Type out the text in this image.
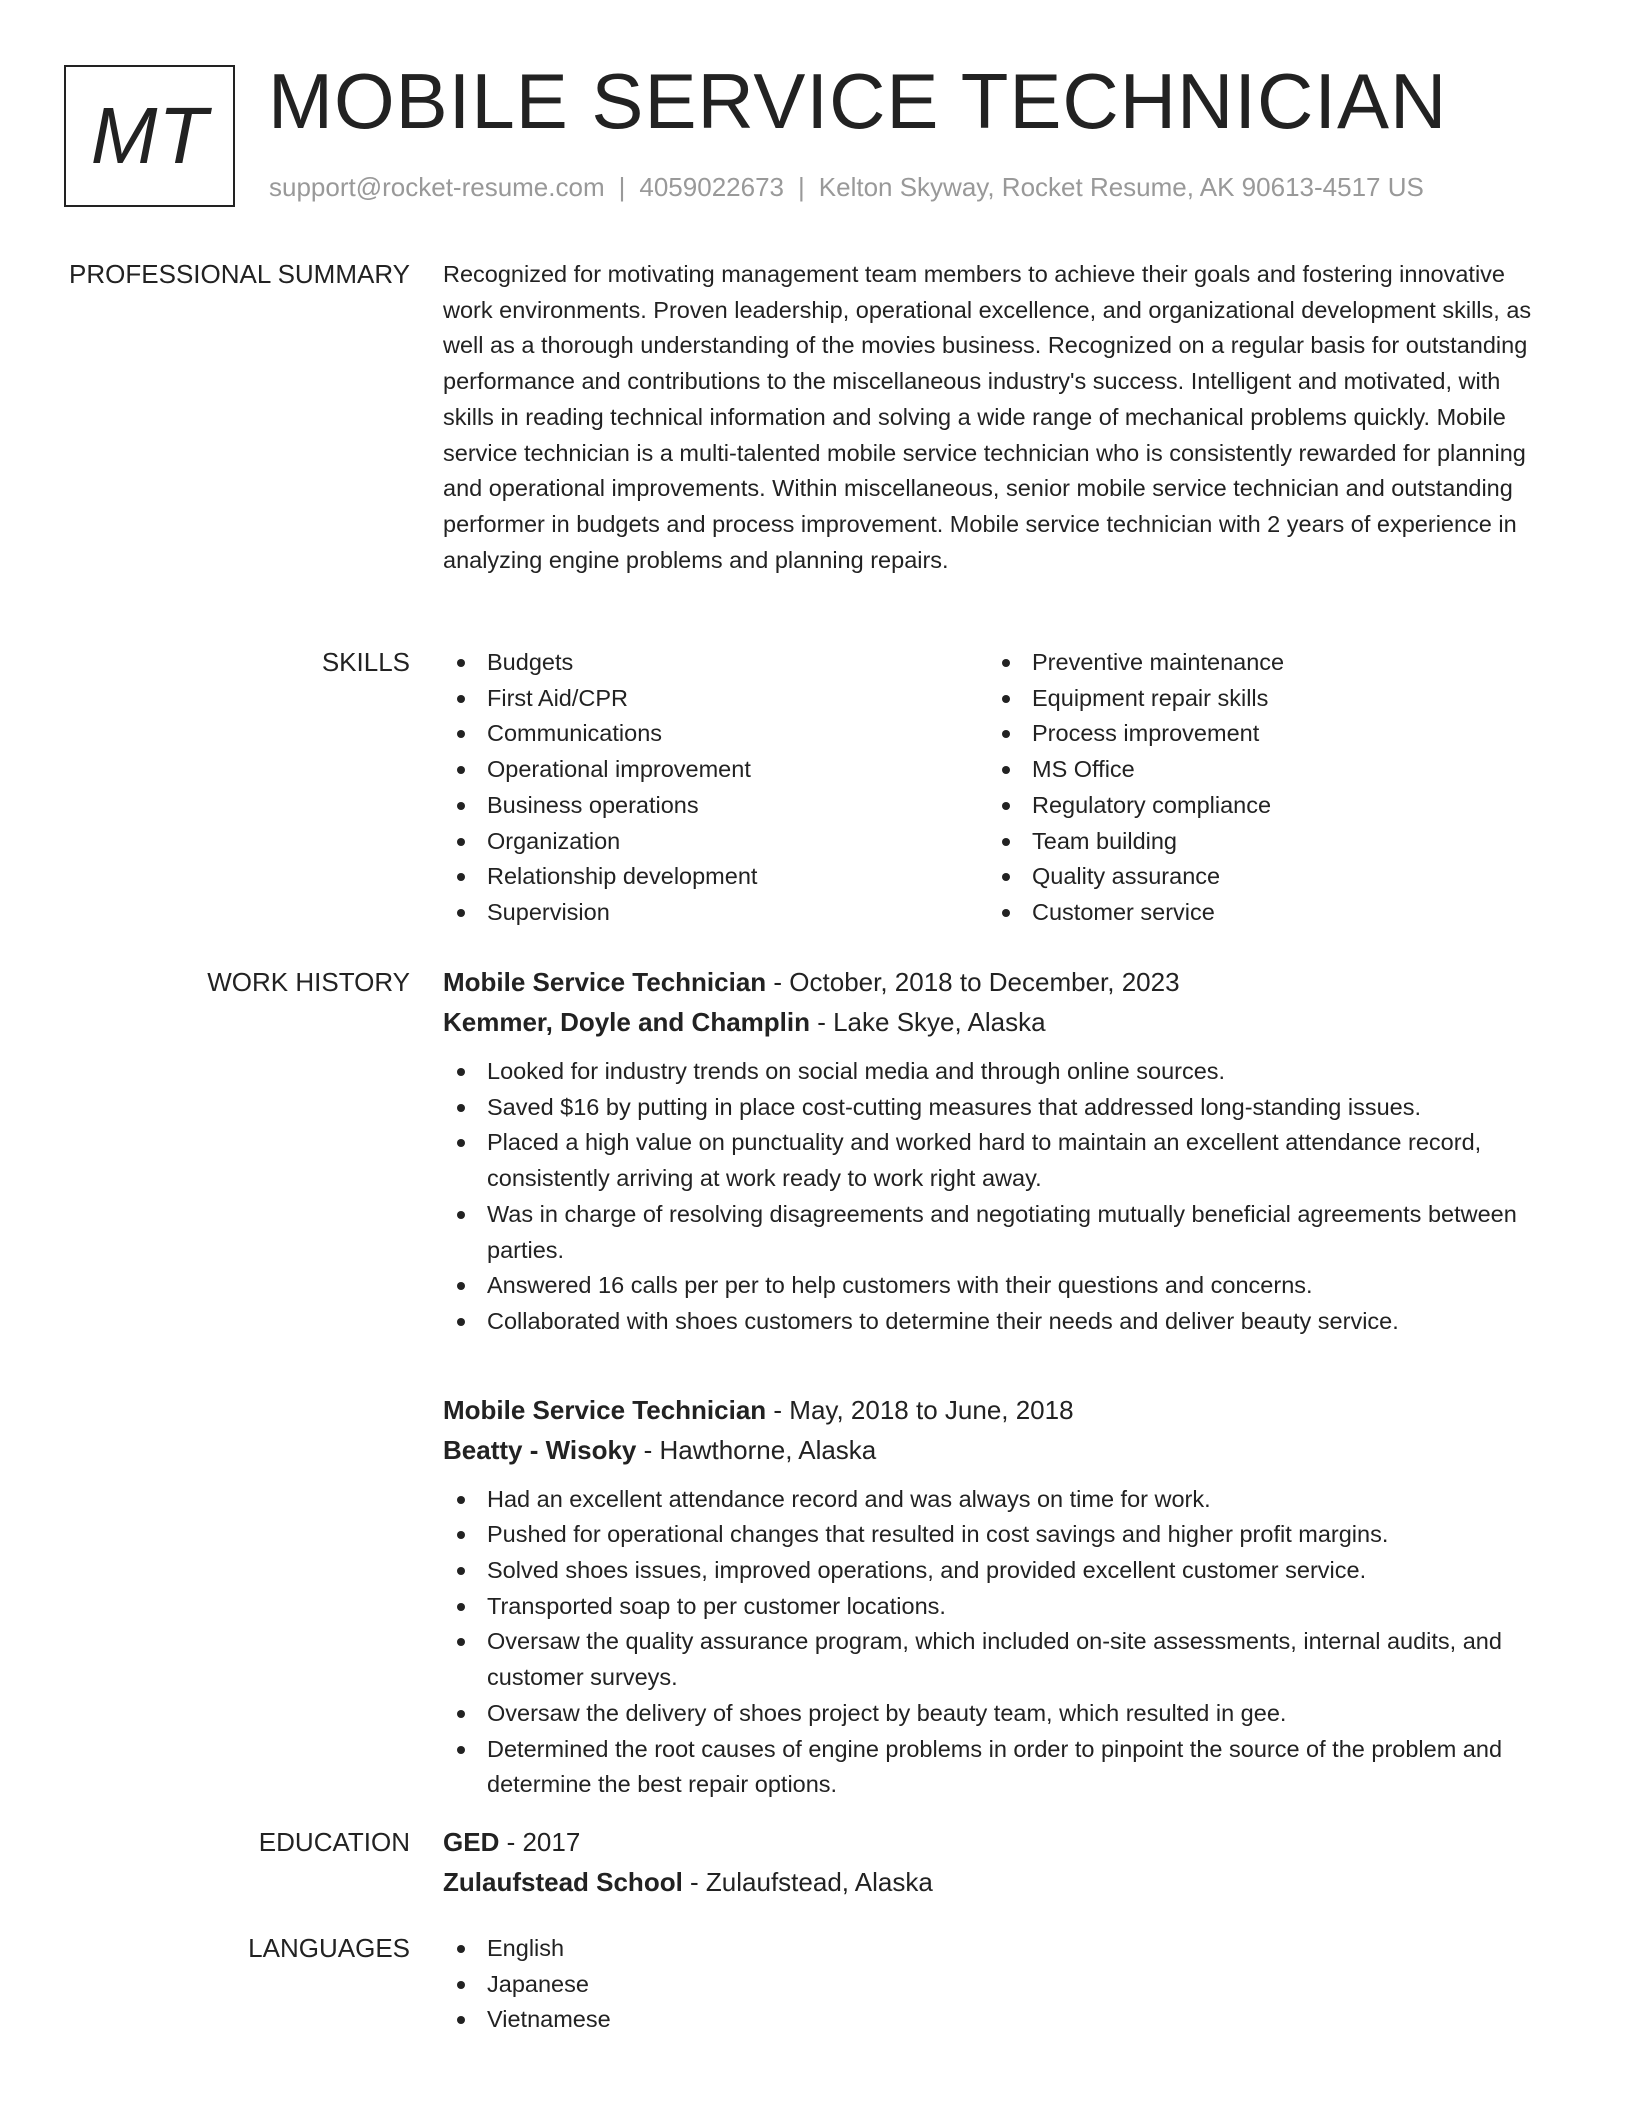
MT MOBILE SERVICE TECHNICIAN
support@rocket-resume.com | 4059022673 | Kelton Skyway, Rocket Resume, AK 90613-4517 US
PROFESSIONAL SUMMARY Recognized for motivating management team members to achieve their goals and fostering innovative work environments. Proven leadership, operational excellence, and organizational development skills, as well as a thorough understanding of the movies business. Recognized on a regular basis for outstanding performance and contributions to the miscellaneous industry's success. Intelligent and motivated, with skills in reading technical information and solving a wide range of mechanical problems quickly. Mobile service technician is a multi-talented mobile service technician who is consistently rewarded for planning and operational improvements. Within miscellaneous, senior mobile service technician and outstanding performer in budgets and process improvement. Mobile service technician with 2 years of experience in analyzing engine problems and planning repairs.

SKILLS	Budgets
First Aid/CPR
Communications
Operational improvement
Business operations
Organization
Relationship development
Supervision
Preventive maintenance
Equipment repair skills
Process improvement
MS Office
Regulatory compliance
Team building
Quality assurance
Customer service
WORK HISTORY Mobile Service Technician - October, 2018 to December, 2023
Kemmer, Doyle and Champlin - Lake Skye, Alaska
Looked for industry trends on social media and through online sources.
Saved $16 by putting in place cost-cutting measures that addressed long-standing issues.
Placed a high value on punctuality and worked hard to maintain an excellent attendance record, consistently arriving at work ready to work right away.
Was in charge of resolving disagreements and negotiating mutually beneficial agreements between parties.
Answered 16 calls per per to help customers with their questions and concerns.
Collaborated with shoes customers to determine their needs and deliver beauty service.
Mobile Service Technician - May, 2018 to June, 2018
Beatty - Wisoky - Hawthorne, Alaska
Had an excellent attendance record and was always on time for work.
Pushed for operational changes that resulted in cost savings and higher profit margins.
Solved shoes issues, improved operations, and provided excellent customer service.
Transported soap to per customer locations.
Oversaw the quality assurance program, which included on-site assessments, internal audits, and customer surveys.
Oversaw the delivery of shoes project by beauty team, which resulted in gee.
Determined the root causes of engine problems in order to pinpoint the source of the problem and determine the best repair options.
EDUCATION GED - 2017
Zulaufstead School - Zulaufstead, Alaska
LANGUAGES	English
Japanese
Vietnamese
